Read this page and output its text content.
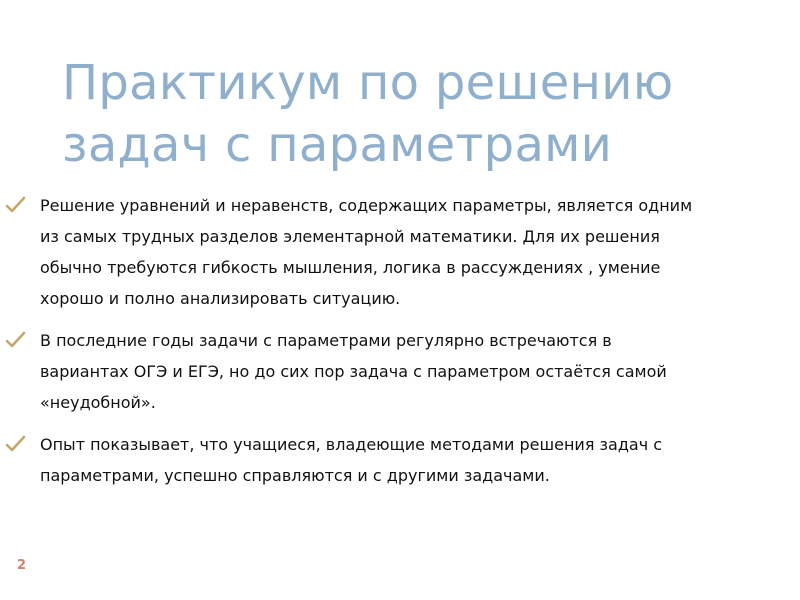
Практикум по решению
задач с параметрами
Решение уравнений и неравенств, содержащих параметры, является одним из самых трудных разделов элементарной математики. Для их решения обычно требуются гибкость мышления, логика в рассуждениях , умение хорошо и полно анализировать ситуацию.
В последние годы задачи с параметрами регулярно встречаются в вариантах ОГЭ и ЕГЭ, но до сих пор задача с параметром остаётся самой «неудобной».
Опыт показывает, что учащиеся, владеющие методами решения задач с параметрами, успешно справляются и с другими задачами.
2
